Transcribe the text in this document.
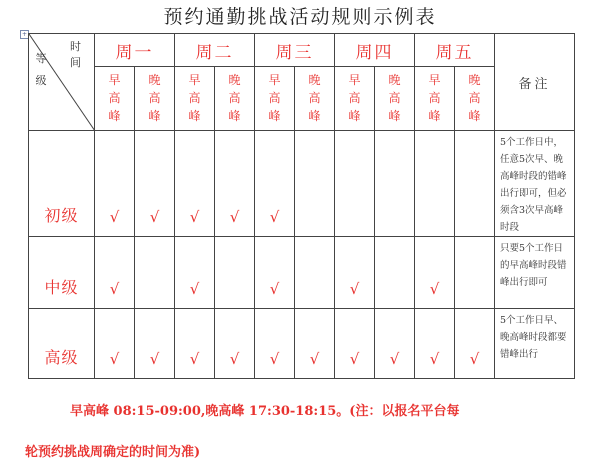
预约通勤挑战活动规则示例表
+
时间
等级	周一		周二		周三		周四		周五		备注

	早
高
峰	晚
高
峰	早
高
峰	晚
高
峰	早
高
峰	晚
高
峰	早
高
峰	晚
高
峰	早
高
峰	晚
高
峰	

初级	√	√	√	√	√						5个工作日中，任意5次早、晚高峰时段的错峰出行即可，但必须含3次早高峰时段

中级	√		√		√		√		√		只要5个工作日的早高峰时段错峰出行即可

高级	√	√	√	√	√	√	√	√	√	√	5个工作日早、晚高峰时段都要错峰出行
早高峰 08:15-09:00,晚高峰 17:30-18:15。(注：以报名平台每
轮预约挑战周确定的时间为准)
